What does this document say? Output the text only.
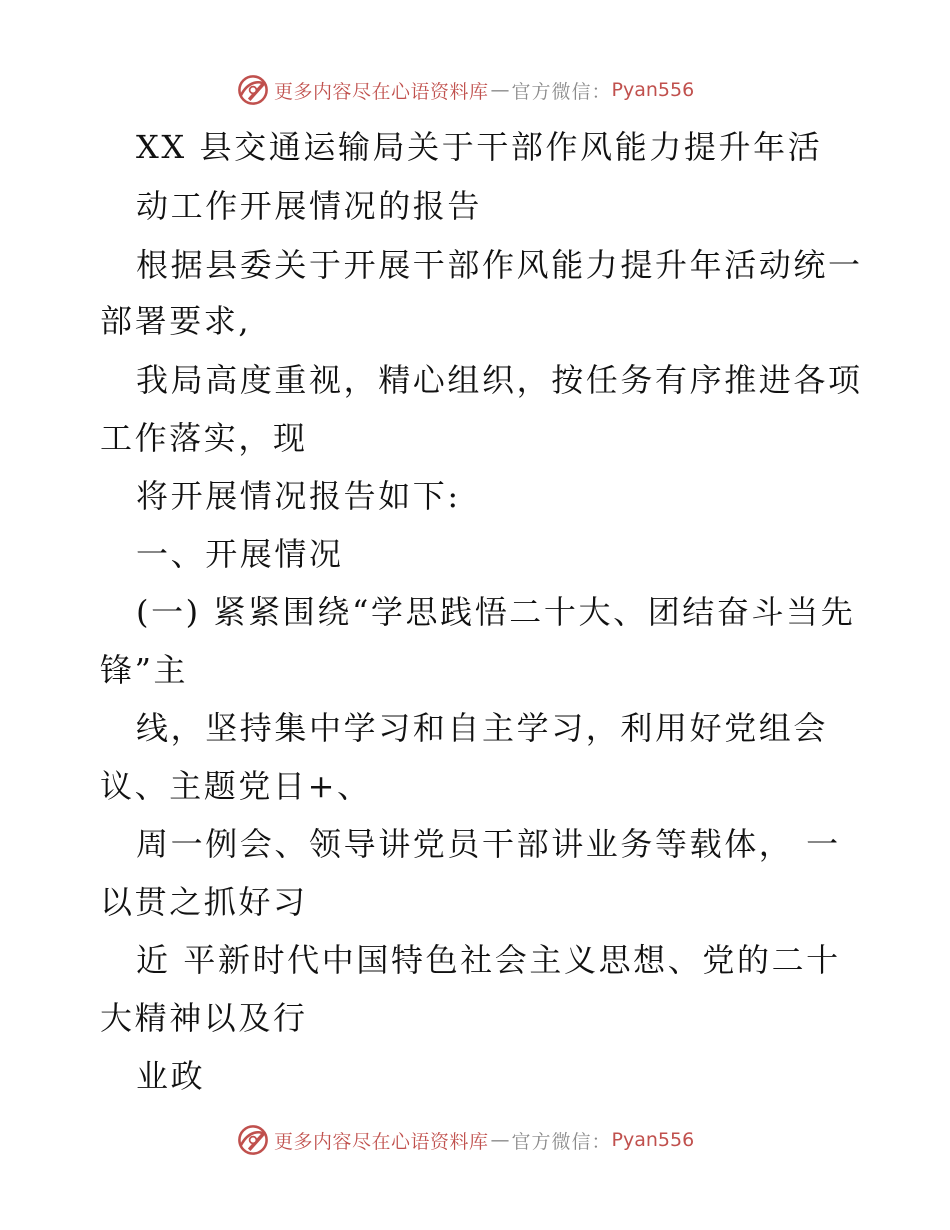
更多内容尽在心语资料库 — 官方微信： Pyan556
XX 县交通运输局关于干部作风能力提升年活
动工作开展情况的报告
根据县委关于开展干部作风能力提升年活动统一
部署要求,
我局高度重视，精心组织，按任务有序推进各项
工作落实，现
将开展情况报告如下:
一、开展情况
(一) 紧紧围绕“学思践悟二十大、团结奋斗当先
锋”主
线，坚持集中学习和自主学习，利用好党组会
议、主题党日+、
周一例会、领导讲党员干部讲业务等载体， 一
以贯之抓好习
近 平新时代中国特色社会主义思想、党的二十
大精神以及行
业政
更多内容尽在心语资料库 — 官方微信： Pyan556
